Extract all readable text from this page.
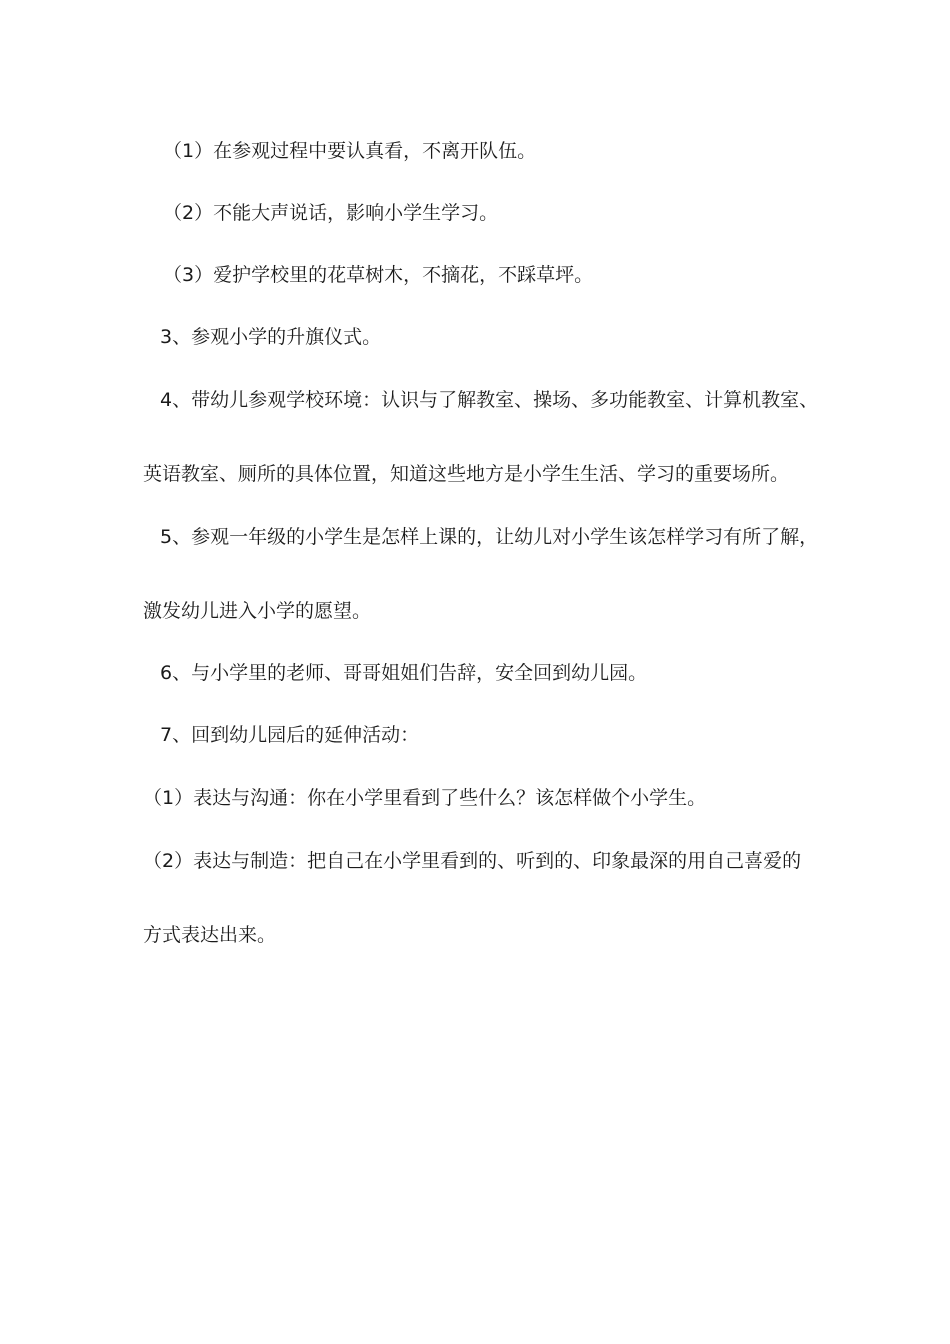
（1）在参观过程中要认真看，不离开队伍。
（2）不能大声说话，影响小学生学习。
（3）爱护学校里的花草树木，不摘花，不踩草坪。
3、参观小学的升旗仪式。
4、带幼儿参观学校环境：认识与了解教室、操场、多功能教室、计算机教室、
英语教室、厕所的具体位置，知道这些地方是小学生生活、学习的重要场所。
5、参观一年级的小学生是怎样上课的，让幼儿对小学生该怎样学习有所了解，
激发幼儿进入小学的愿望。
6、与小学里的老师、哥哥姐姐们告辞，安全回到幼儿园。
7、回到幼儿园后的延伸活动：
（1）表达与沟通：你在小学里看到了些什么？该怎样做个小学生。
（2）表达与制造：把自己在小学里看到的、听到的、印象最深的用自己喜爱的
方式表达出来。
